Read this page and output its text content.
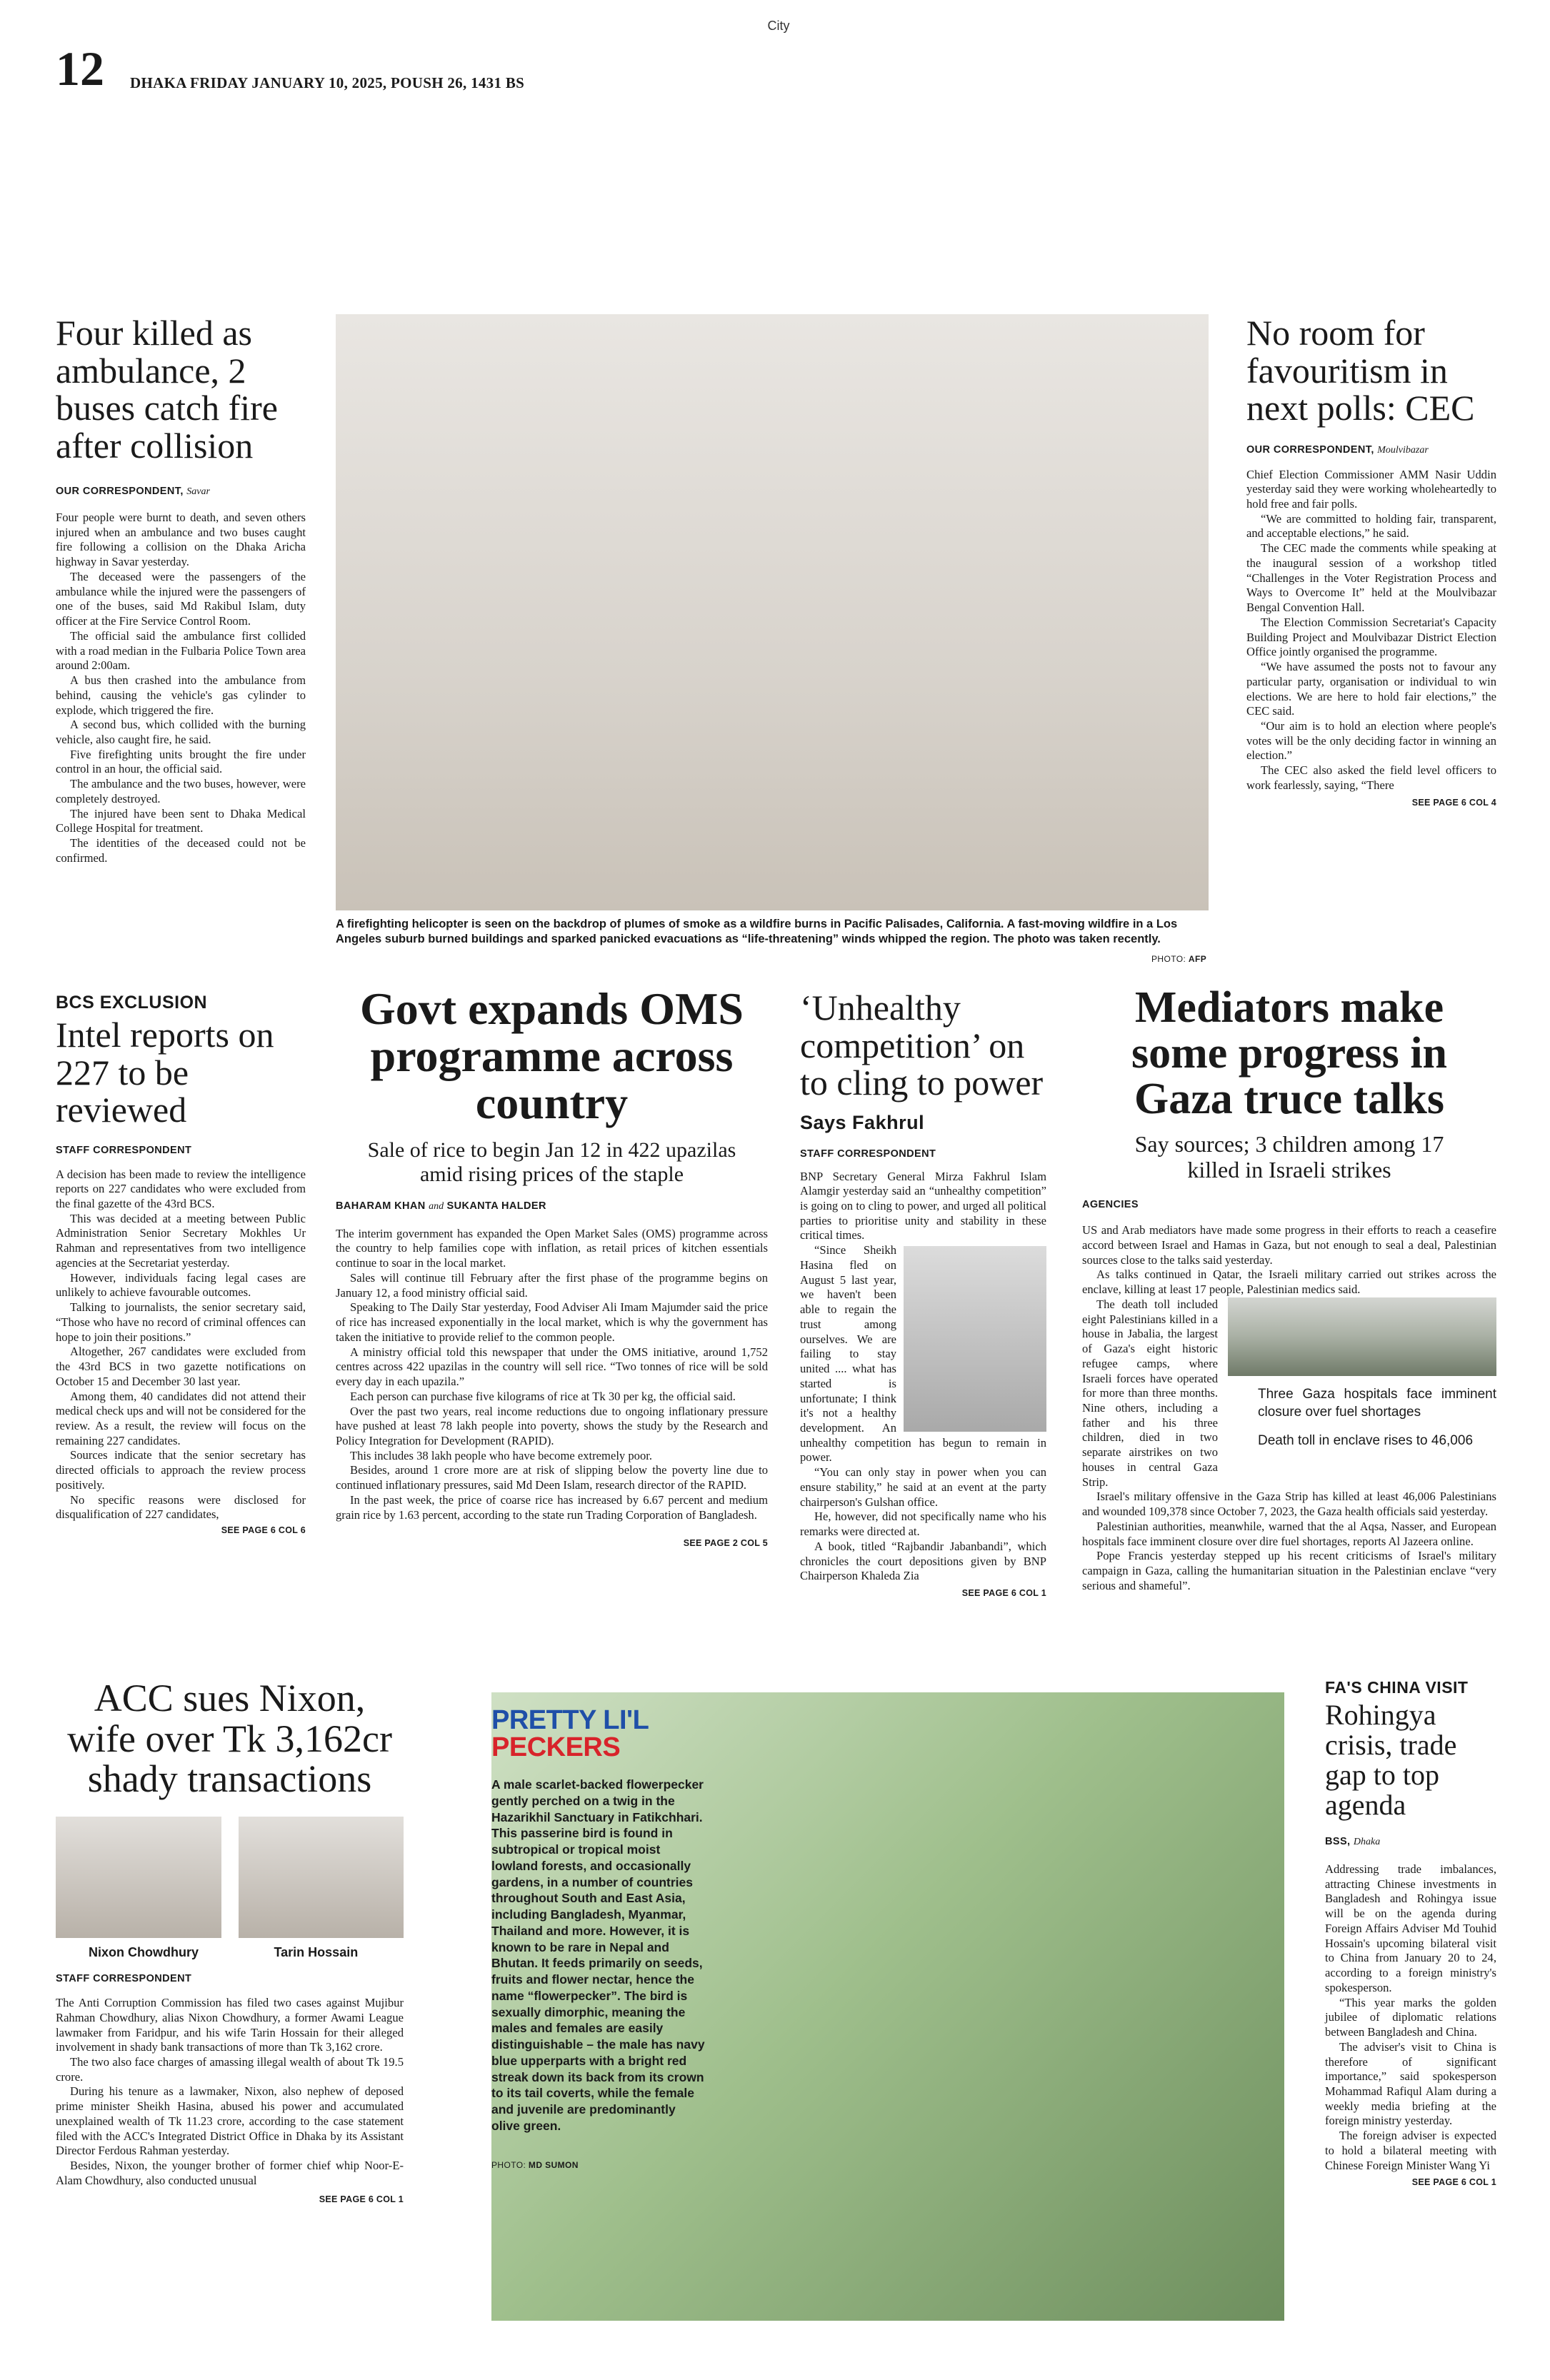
City
12 DHAKA FRIDAY JANUARY 10, 2025, POUSH 26, 1431 BS
Four killed as ambulance, 2 buses catch fire after collision
OUR CORRESPONDENT, Savar

Four people were burnt to death, and seven others injured when an ambulance and two buses caught fire following a collision on the Dhaka Aricha highway in Savar yesterday.

The deceased were the passengers of the ambulance while the injured were the passengers of one of the buses, said Md Rakibul Islam, duty officer at the Fire Service Control Room.

The official said the ambulance first collided with a road median in the Fulbaria Police Town area around 2:00am.

A bus then crashed into the ambulance from behind, causing the vehicle's gas cylinder to explode, which triggered the fire.

A second bus, which collided with the burning vehicle, also caught fire, he said.

Five firefighting units brought the fire under control in an hour, the official said.

The ambulance and the two buses, however, were completely destroyed.

The injured have been sent to Dhaka Medical College Hospital for treatment.

The identities of the deceased could not be confirmed.

A firefighting helicopter is seen on the backdrop of plumes of smoke as a wildfire burns in Pacific Palisades, California. A fast-moving wildfire in a Los Angeles suburb burned buildings and sparked panicked evacuations as “life-threatening” winds whipped the region. The photo was taken recently.
PHOTO: AFP
No room for favouritism in next polls: CEC
OUR CORRESPONDENT, Moulvibazar

Chief Election Commissioner AMM Nasir Uddin yesterday said they were working wholeheartedly to hold free and fair polls.

“We are committed to holding fair, transparent, and acceptable elections,” he said.

The CEC made the comments while speaking at the inaugural session of a workshop titled “Challenges in the Voter Registration Process and Ways to Overcome It” held at the Moulvibazar Bengal Convention Hall.

The Election Commission Secretariat's Capacity Building Project and Moulvibazar District Election Office jointly organised the programme.

“We have assumed the posts not to favour any particular party, organisation or individual to win elections. We are here to hold fair elections,” the CEC said.

“Our aim is to hold an election where people's votes will be the only deciding factor in winning an election.”

The CEC also asked the field level officers to work fearlessly, saying, “There

SEE PAGE 6 COL 4
BCS EXCLUSION
Intel reports on 227 to be reviewed
STAFF CORRESPONDENT

A decision has been made to review the intelligence reports on 227 candidates who were excluded from the final gazette of the 43rd BCS.

This was decided at a meeting between Public Administration Senior Secretary Mokhles Ur Rahman and representatives from two intelligence agencies at the Secretariat yesterday.

However, individuals facing legal cases are unlikely to achieve favourable outcomes.

Talking to journalists, the senior secretary said, “Those who have no record of criminal offences can hope to join their positions.”

Altogether, 267 candidates were excluded from the 43rd BCS in two gazette notifications on October 15 and December 30 last year.

Among them, 40 candidates did not attend their medical check ups and will not be considered for the review. As a result, the review will focus on the remaining 227 candidates.

Sources indicate that the senior secretary has directed officials to approach the review process positively.

No specific reasons were disclosed for disqualification of 227 candidates,

SEE PAGE 6 COL 6
Govt expands OMS programme across country
Sale of rice to begin Jan 12 in 422 upazilas amid rising prices of the staple
BAHARAM KHAN and SUKANTA HALDER

The interim government has expanded the Open Market Sales (OMS) programme across the country to help families cope with inflation, as retail prices of kitchen essentials continue to soar in the local market.

Sales will continue till February after the first phase of the programme begins on January 12, a food ministry official said.

Speaking to The Daily Star yesterday, Food Adviser Ali Imam Majumder said the price of rice has increased exponentially in the local market, which is why the government has taken the initiative to provide relief to the common people.

A ministry official told this newspaper that under the OMS initiative, around 1,752 centres across 422 upazilas in the country will sell rice. “Two tonnes of rice will be sold every day in each upazila.”

Each person can purchase five kilograms of rice at Tk 30 per kg, the official said.

Over the past two years, real income reductions due to ongoing inflationary pressure have pushed at least 78 lakh people into poverty, shows the study by the Research and Policy Integration for Development (RAPID).

This includes 38 lakh people who have become extremely poor.

Besides, around 1 crore more are at risk of slipping below the poverty line due to continued inflationary pressures, said Md Deen Islam, research director of the RAPID.

In the past week, the price of coarse rice has increased by 6.67 percent and medium grain rice by 1.63 percent, according to the state run Trading Corporation of Bangladesh.

SEE PAGE 2 COL 5
‘Unhealthy competition’ on to cling to power
Says Fakhrul
STAFF CORRESPONDENT

BNP Secretary General Mirza Fakhrul Islam Alamgir yesterday said an “unhealthy competition” is going on to cling to power, and urged all political parties to prioritise unity and stability in these critical times.

“Since Sheikh Hasina fled on August 5 last year, we haven't been able to regain the trust among ourselves. We are failing to stay united .... what has started is unfortunate; I think it's not a healthy development. An unhealthy competition has begun to remain in power.

“You can only stay in power when you can ensure stability,” he said at an event at the party chairperson's Gulshan office.

He, however, did not specifically name who his remarks were directed at.

A book, titled “Rajbandir Jabanbandi”, which chronicles the court depositions given by BNP Chairperson Khaleda Zia

SEE PAGE 6 COL 1
Mediators make some progress in Gaza truce talks
Say sources; 3 children among 17 killed in Israeli strikes
AGENCIES

US and Arab mediators have made some progress in their efforts to reach a ceasefire accord between Israel and Hamas in Gaza, but not enough to seal a deal, Palestinian sources close to the talks said yesterday.

As talks continued in Qatar, the Israeli military carried out strikes across the enclave, killing at least 17 people, Palestinian medics said.

The death toll included eight Palestinians killed in a house in Jabalia, the largest of Gaza's eight historic refugee camps, where Israeli forces have operated for more than three months. Nine others, including a father and his three children, died in two separate airstrikes on two houses in central Gaza Strip.

Three Gaza hospitals face imminent closure over fuel shortages
Death toll in enclave rises to 46,006

Israel's military offensive in the Gaza Strip has killed at least 46,006 Palestinians and wounded 109,378 since October 7, 2023, the Gaza health officials said yesterday.

Palestinian authorities, meanwhile, warned that the al Aqsa, Nasser, and European hospitals face imminent closure over dire fuel shortages, reports Al Jazeera online.

Pope Francis yesterday stepped up his recent criticisms of Israel's military campaign in Gaza, calling the humanitarian situation in the Palestinian enclave “very serious and shameful”.

ACC sues Nixon, wife over Tk 3,162cr shady transactions
Nixon Chowdhury	Tarin Hossain
STAFF CORRESPONDENT

The Anti Corruption Commission has filed two cases against Mujibur Rahman Chowdhury, alias Nixon Chowdhury, a former Awami League lawmaker from Faridpur, and his wife Tarin Hossain for their alleged involvement in shady bank transactions of more than Tk 3,162 crore.

The two also face charges of amassing illegal wealth of about Tk 19.5 crore.

During his tenure as a lawmaker, Nixon, also nephew of deposed prime minister Sheikh Hasina, abused his power and accumulated unexplained wealth of Tk 11.23 crore, according to the case statement filed with the ACC's Integrated District Office in Dhaka by its Assistant Director Ferdous Rahman yesterday.

Besides, Nixon, the younger brother of former chief whip Noor-E-Alam Chowdhury, also conducted unusual

SEE PAGE 6 COL 1
PRETTY LI'L
PECKERS
A male scarlet-backed flowerpecker gently perched on a twig in the Hazarikhil Sanctuary in Fatikchhari. This passerine bird is found in subtropical or tropical moist lowland forests, and occasionally gardens, in a number of countries throughout South and East Asia, including Bangladesh, Myanmar, Thailand and more. However, it is known to be rare in Nepal and Bhutan. It feeds primarily on seeds, fruits and flower nectar, hence the name “flowerpecker”. The bird is sexually dimorphic, meaning the males and females are easily distinguishable – the male has navy blue upperparts with a bright red streak down its back from its crown to its tail coverts, while the female and juvenile are predominantly olive green.
PHOTO: MD SUMON
FA'S CHINA VISIT
Rohingya crisis, trade gap to top agenda
BSS, Dhaka

Addressing trade imbalances, attracting Chinese investments in Bangladesh and Rohingya issue will be on the agenda during Foreign Affairs Adviser Md Touhid Hossain's upcoming bilateral visit to China from January 20 to 24, according to a foreign ministry's spokesperson.

“This year marks the golden jubilee of diplomatic relations between Bangladesh and China.

The adviser's visit to China is therefore of significant importance,” said spokesperson Mohammad Rafiqul Alam during a weekly media briefing at the foreign ministry yesterday.

The foreign adviser is expected to hold a bilateral meeting with Chinese Foreign Minister Wang Yi

SEE PAGE 6 COL 1
